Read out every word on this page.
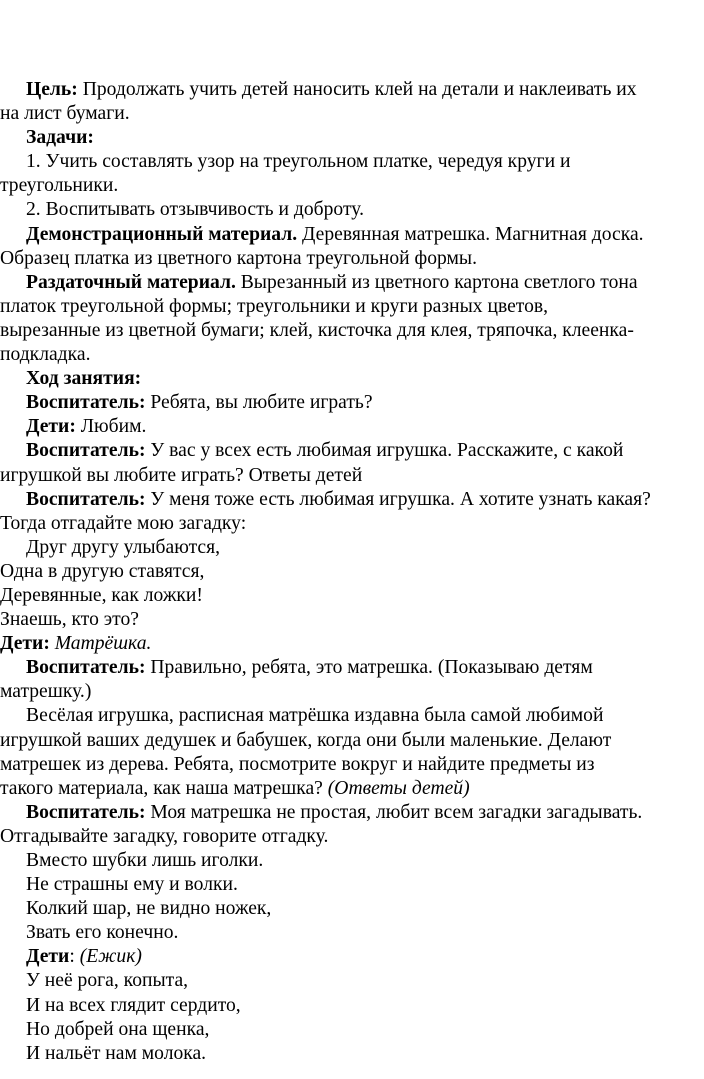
Цель: Продолжать учить детей наносить клей на детали и наклеивать их
на лист бумаги.
Задачи:
1. Учить составлять узор на треугольном платке, чередуя круги и
треугольники.
2. Воспитывать отзывчивость и доброту.
Демонстрационный материал. Деревянная матрешка. Магнитная доска.
Образец платка из цветного картона треугольной формы.
Раздаточный материал. Вырезанный из цветного картона светлого тона
платок треугольной формы; треугольники и круги разных цветов,
вырезанные из цветной бумаги; клей, кисточка для клея, тряпочка, клеенка-
подкладка.
Ход занятия:
Воспитатель: Ребята, вы любите играть?
Дети: Любим.
Воспитатель: У вас у всех есть любимая игрушка. Расскажите, с какой
игрушкой вы любите играть? Ответы детей
Воспитатель: У меня тоже есть любимая игрушка. А хотите узнать какая?
Тогда отгадайте мою загадку:
Друг другу улыбаются,
Одна в другую ставятся,
Деревянные, как ложки!
Знаешь, кто это?
Дети: Матрёшка.
Воспитатель: Правильно, ребята, это матрешка. (Показываю детям
матрешку.)
Весёлая игрушка, расписная матрёшка издавна была самой любимой
игрушкой ваших дедушек и бабушек, когда они были маленькие. Делают
матрешек из дерева. Ребята, посмотрите вокруг и найдите предметы из
такого материала, как наша матрешка? (Ответы детей)
Воспитатель: Моя матрешка не простая, любит всем загадки загадывать.
Отгадывайте загадку, говорите отгадку.
Вместо шубки лишь иголки.
Не страшны ему и волки.
Колкий шар, не видно ножек,
Звать его конечно.
Дети: (Ежик)
У неё рога, копыта,
И на всех глядит сердито,
Но добрей она щенка,
И нальёт нам молока.
